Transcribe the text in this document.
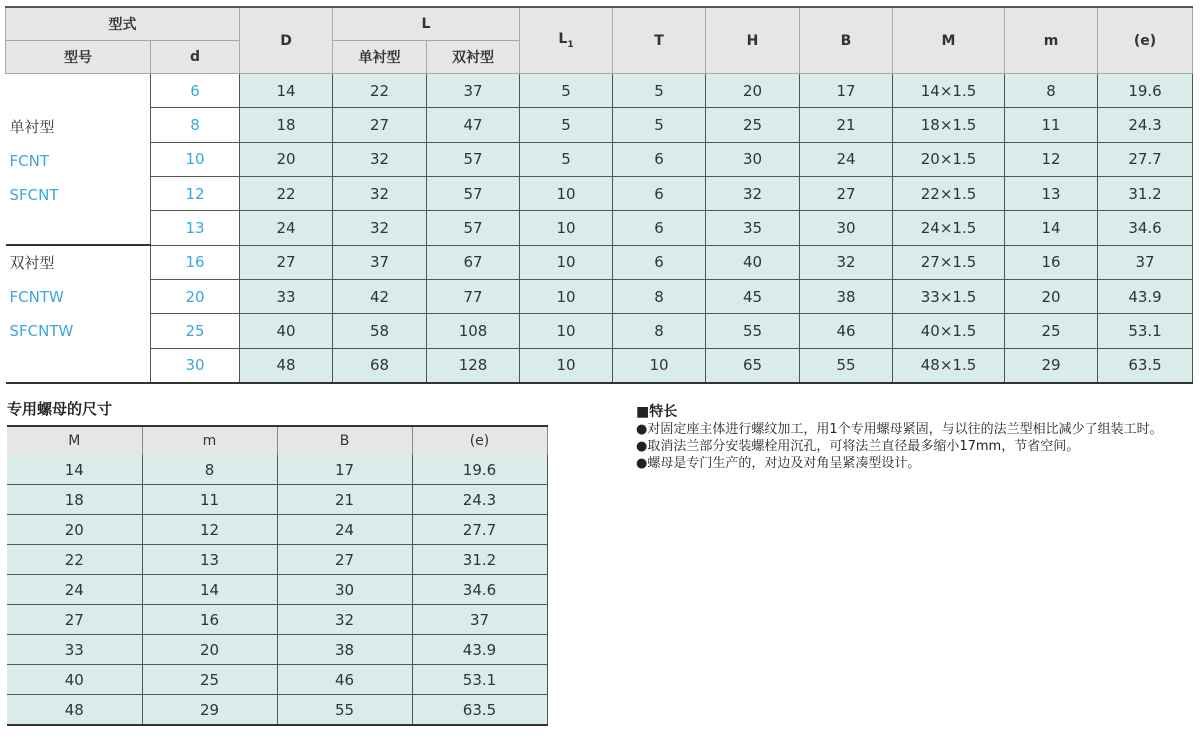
型式		D	L		$L_1$	T	H	B	M	m	(e)
型号	d		单衬型	双衬型							

单衬型
FCNT
SFCNT	6	14	22	37	5	5	20	17	14×1.5	8	19.6
	8	18	27	47	5	5	25	21	18×1.5	11	24.3
	10	20	32	57	5	6	30	24	20×1.5	12	27.7
	12	22	32	57	10	6	32	27	22×1.5	13	31.2
	13	24	32	57	10	6	35	30	24×1.5	14	34.6

双衬型
FCNTW
SFCNTW	16	27	37	67	10	6	40	32	27×1.5	16	37
	20	33	42	77	10	8	45	38	33×1.5	20	43.9
	25	40	58	108	10	8	55	46	40×1.5	25	53.1
	30	48	68	128	10	10	65	55	48×1.5	29	63.5
专用螺母的尺寸
M	m	B	(e)
14	8	17	19.6
18	11	21	24.3
20	12	24	27.7
22	13	27	31.2
24	14	30	34.6
27	16	32	37
33	20	38	43.9
40	25	46	53.1
48	29	55	63.5
■特长

●对固定座主体进行螺纹加工，用1个专用螺母紧固，与以往的法兰型相比减少了组装工时。

●取消法兰部分安装螺栓用沉孔，可将法兰直径最多缩小17mm，节省空间。

●螺母是专门生产的，对边及对角呈紧凑型设计。
